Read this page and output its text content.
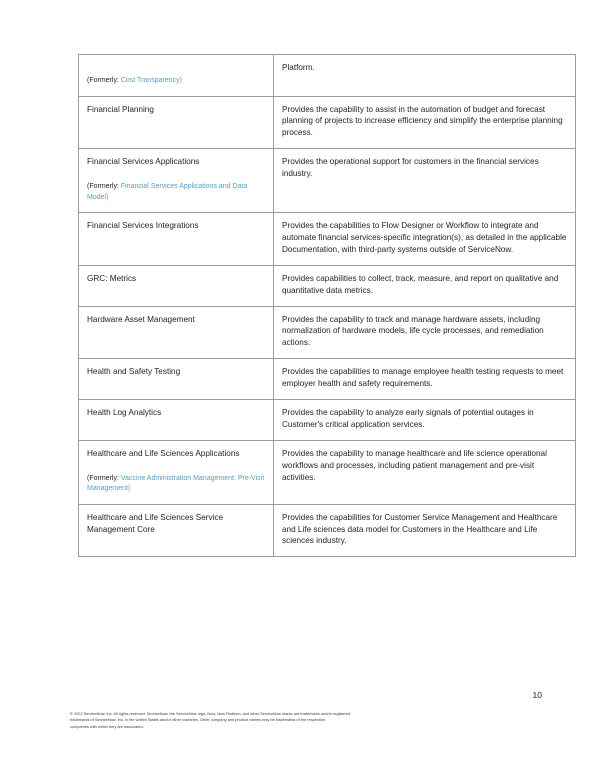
(Formerly: Cost Transparency)	Platform.

Financial Planning	Provides the capability to assist in the automation of budget and forecast planning of projects to increase efficiency and simplify the enterprise planning process.

Financial Services Applications
(Formerly: Financial Services Applications and Data Model)	Provides the operational support for customers in the financial services industry.

Financial Services Integrations	Provides the capabilities to Flow Designer or Workflow to integrate and automate financial services-specific integration(s), as detailed in the applicable Documentation, with third-party systems outside of ServiceNow.

GRC: Metrics	Provides capabilities to collect, track, measure, and report on qualitative and quantitative data metrics.

Hardware Asset Management	Provides the capability to track and manage hardware assets, including normalization of hardware models, life cycle processes, and remediation actions.

Health and Safety Testing	Provides the capabilities to manage employee health testing requests to meet employer health and safety requirements.

Health Log Analytics	Provides the capability to analyze early signals of potential outages in Customer's critical application services.

Healthcare and Life Sciences Applications
(Formerly: Vaccine Administration Management: Pre-Visit Management)	Provides the capability to manage healthcare and life science operational workflows and processes, including patient management and pre-visit activities.

Healthcare and Life Sciences Service Management Core	Provides the capabilities for Customer Service Management and Healthcare and Life sciences data model for Customers in the Healthcare and Life sciences industry.
10
© 2022 ServiceNow, Inc. All rights reserved. ServiceNow, the ServiceNow logo, Now, Now Platform, and other ServiceNow marks are trademarks and/or registered
trademarks of ServiceNow, Inc. in the United States and/or other countries. Other company and product names may be trademarks of the respective
companies with which they are associated.
